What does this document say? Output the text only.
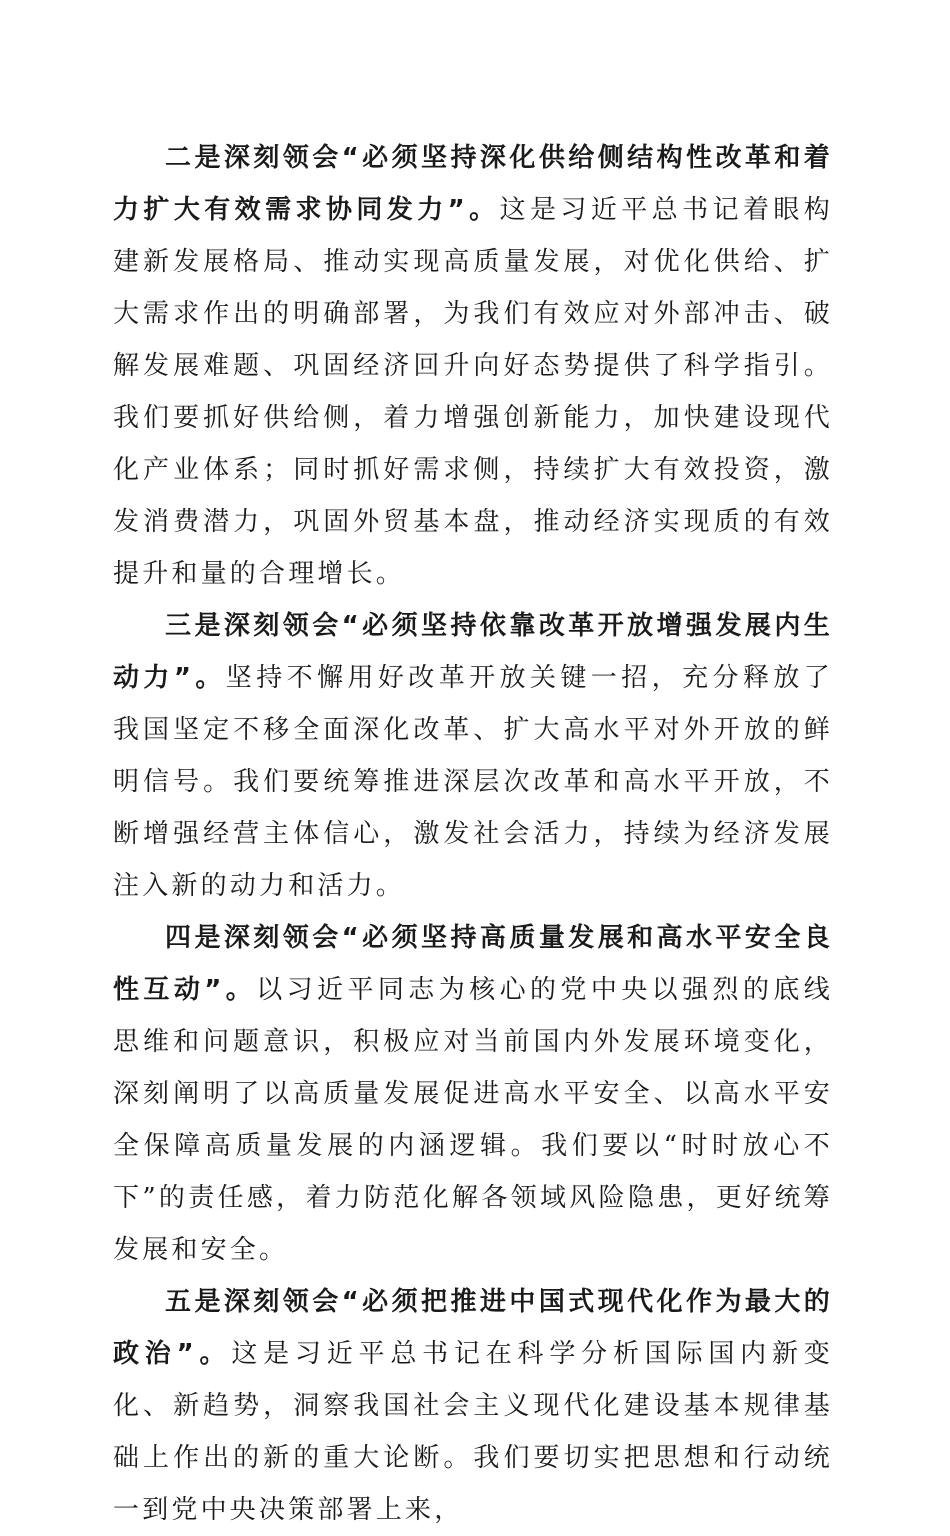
二是深刻领会“必须坚持深化供给侧结构性改革和着力扩大有效需求协同发力”。这是习近平总书记着眼构建新发展格局、推动实现高质量发展，对优化供给、扩大需求作出的明确部署，为我们有效应对外部冲击、破解发展难题、巩固经济回升向好态势提供了科学指引。我们要抓好供给侧，着力增强创新能力，加快建设现代化产业体系；同时抓好需求侧，持续扩大有效投资，激发消费潜力，巩固外贸基本盘，推动经济实现质的有效提升和量的合理增长。

三是深刻领会“必须坚持依靠改革开放增强发展内生动力”。坚持不懈用好改革开放关键一招，充分释放了我国坚定不移全面深化改革、扩大高水平对外开放的鲜明信号。我们要统筹推进深层次改革和高水平开放，不断增强经营主体信心，激发社会活力，持续为经济发展注入新的动力和活力。

四是深刻领会“必须坚持高质量发展和高水平安全良性互动”。以习近平同志为核心的党中央以强烈的底线思维和问题意识，积极应对当前国内外发展环境变化，深刻阐明了以高质量发展促进高水平安全、以高水平安全保障高质量发展的内涵逻辑。我们要以“时时放心不下”的责任感，着力防范化解各领域风险隐患，更好统筹发展和安全。

五是深刻领会“必须把推进中国式现代化作为最大的政治”。这是习近平总书记在科学分析国际国内新变化、新趋势，洞察我国社会主义现代化建设基本规律基础上作出的新的重大论断。我们要切实把思想和行动统一到党中央决策部署上来，
